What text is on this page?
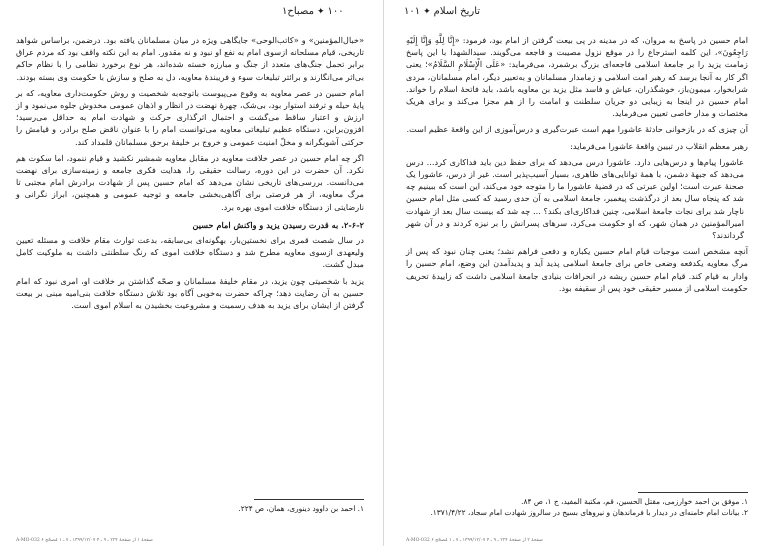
۱۰۰✦مصباح۱

«خبال‌المؤمنین» و «کاتب‌الوحی» جایگاهی ویژه در میان مسلمانان یافته بود. درضمن، براساس شواهد تاریخی، قیام مسلحانه ازسوی امام به نفع او نبود و نه مقدور. امام به این نکته واقف بود که مردم عراق برابر تحمل جنگ‌های متعدد از جنگ و مبارزه خسته شده‌اند، هر نوع برخورد نظامی را با نظام حاکم بی‌اثر می‌انگارند و برائتر تبلیغات سوء و فریبندهٔ معاویه، دل به صلح و سازش با حکومت وی بسته بودند.

امام حسین در عصر معاویه به وقوع می‌پیوست باتوجه‌به شخصیت و روش حکومت‌داری معاویه، که بر پایهٔ حیله و ترفند استوار بود، بی‌شک، چهرهٔ نهضت در انظار و اذهان عمومی مخدوش جلوه می‌نمود و از ارزش و اعتبار ساقط می‌گشت و احتمال اثرگذاری حرکت و شهادت امام به حداقل می‌رسید؛ افزون‌براین، دستگاه عظیم تبلیغاتی معاویه می‌توانست امام را با عنوان ناقض صلح برادر، و قیامش را حرکتی آشوبگرانه و مخلّ امنیت عمومی و خروج بر خلیفهٔ برحق مسلمانان قلمداد کند.

اگر چه امام حسین در عصر خلافت معاویه در مقابل معاویه شمشیر نکشید و قیام ننمود، اما سکوت هم نکرد. آن حضرت در این دوره، رسالت حقیقی را، هدایت فکری جامعه و زمینه‌سازی برای نهضت می‌دانست. بررسی‌های تاریخی نشان می‌دهد که امام حسین پس از شهادت برادرش امام مجتبی تا مرگ معاویه، از هر فرصتی برای آگاهی‌بخشی جامعه و توجیه عمومی و همچنین، ابراز نگرانی و نارضایتی از دستگاه خلافت اموی بهره برد.

۲-۶-۲. به قدرت رسیدن یزید و واکنش امام حسین

در سال شصت قمری برای نخستین‌بار، بهگونه‌ای بی‌سابقه، بدعت توارث مقام خلافت و مسئله تعیین ولیعهدی ازسوی معاویه مطرح شد و دستگاه خلافت اموی که رنگ سلطنتی داشت به ملوکیت کامل مبدل گشت.

یزید با شخصیتی چون یزید، در مقام خلیفهٔ مسلمانان و صحّه گذاشتن بر خلافت او، امری نبود که امام حسین به آن رضایت دهد؛ چراکه حضرت به‌خوبی آگاه بود تلاش دستگاه خلافت بنی‌امیه مبنی بر بیعت گرفتن از ایشان برای یزید به هدف رسمیت و مشروعیت بخشیدن به اسلام اموی است.

۱. احمد بن داوود دینوری، همان، ص ۲۲۴.
صفحهٔ ۱ از صفحهٔ ۲۲۴ ـ ۹ ـ ۴ ۱۳۹۹/۱۲/۰۷ ـ ۷ ـ ۱ مُصحّح ۶ A-MO-032
تاریخ اسلام✦۱۰۱

امام حسین در پاسخ به مروان، که در مدینه در پی بیعت گرفتن از امام بود، فرمود: «إِنَّا لِلَّهِ وَإِنَّا إِلَيْهِ رَاجِعُونَ»، این کلمه استرجاع را در موقع نزول مصیبت و فاجعه می‌گویند. سیدالشهدا با این پاسخ زمامت یزید را بر جامعهٔ اسلامی فاجعه‌ای بزرگ برشمرد، می‌فرماید: «عَلَى الْإِسْلَامِ السَّلَامُ»؛ یعنی اگر کار به آنجا برسد که رهبر امت اسلامی و زمامدار مسلمانان و به‌تعبیر دیگر، امام مسلمانان، مردی شرابخوار، میمون‌باز، خوشگذران، عیاش و فاسد مثل یزید بن معاویه باشد، باید فاتحهٔ اسلام را خواند. امام حسین در اینجا به زیبایی دو جریان سلطنت و امامت را از هم مجزا می‌کند و برای هریک مختصات و مدار خاصی تعیین می‌فرماید.

آن چیزی که در بازخوانی حادثهٔ عاشورا مهم است عبرت‌گیری و درس‌آموزی از این واقعهٔ عظیم است.

رهبر معظم انقلاب در تبیین واقعهٔ عاشورا می‌فرماید:

عاشورا پیام‌ها و درس‌هایی دارد. عاشورا درس می‌دهد که برای حفظ دین باید فداکاری کرد... درس می‌دهد که جبههٔ دشمن، با همهٔ توانایی‌های ظاهری، بسیار آسیب‌پذیر است. غیر از درس، عاشورا یک صحنهٔ عبرت است؛ اولین عبرتی که در قضیهٔ عاشورا ما را متوجه خود می‌کند، این است که ببینیم چه شد که پنجاه سال بعد از درگذشت پیغمبر، جامعهٔ اسلامی به آن حدی رسید که کسی مثل امام حسین ناچار شد برای نجات جامعهٔ اسلامی، چنین فداکاری‌ای بکند؟ ... چه شد که بیست سال بعد از شهادت امیرالمؤمنین در همان شهر، که او حکومت می‌کرد، سرهای پسرانش را بر نیزه کردند و در آن شهر گرداندند؟

آنچه مشخص است موجبات قیام امام حسین یکباره و دفعی فراهم نشد؛ یعنی چنان نبود که پس از مرگ معاویه یکدفعه وضعی خاص برای جامعهٔ اسلامی پدید آید و پدیدآمدن این وضع، امام حسین را وادار به قیام کند. قیام امام حسین ریشه در انحرافات بنیادی جامعهٔ اسلامی داشت که زاییدهٔ تحریف حکومت اسلامی از مسیر حقیقی خود پس از سقیفه بود.

۱. موفق بن احمد خوارزمی، مقتل الحسین، قم، مکتبة المفید، ج ۱، ص ۸۴.
۲. بیانات امام خامنه‌ای در دیدار با فرماندهان و نیروهای بسیج در سالروز شهادت امام سجاد، ۱۳۷۱/۴/۲۲.
صفحهٔ ۲ از صفحهٔ ۲۲۴ ـ ۹ ـ ۴ ۱۳۹۹/۱۲/۰۷ ـ ۷ ـ ۱ مُصحّح ۶ A-MO-032
